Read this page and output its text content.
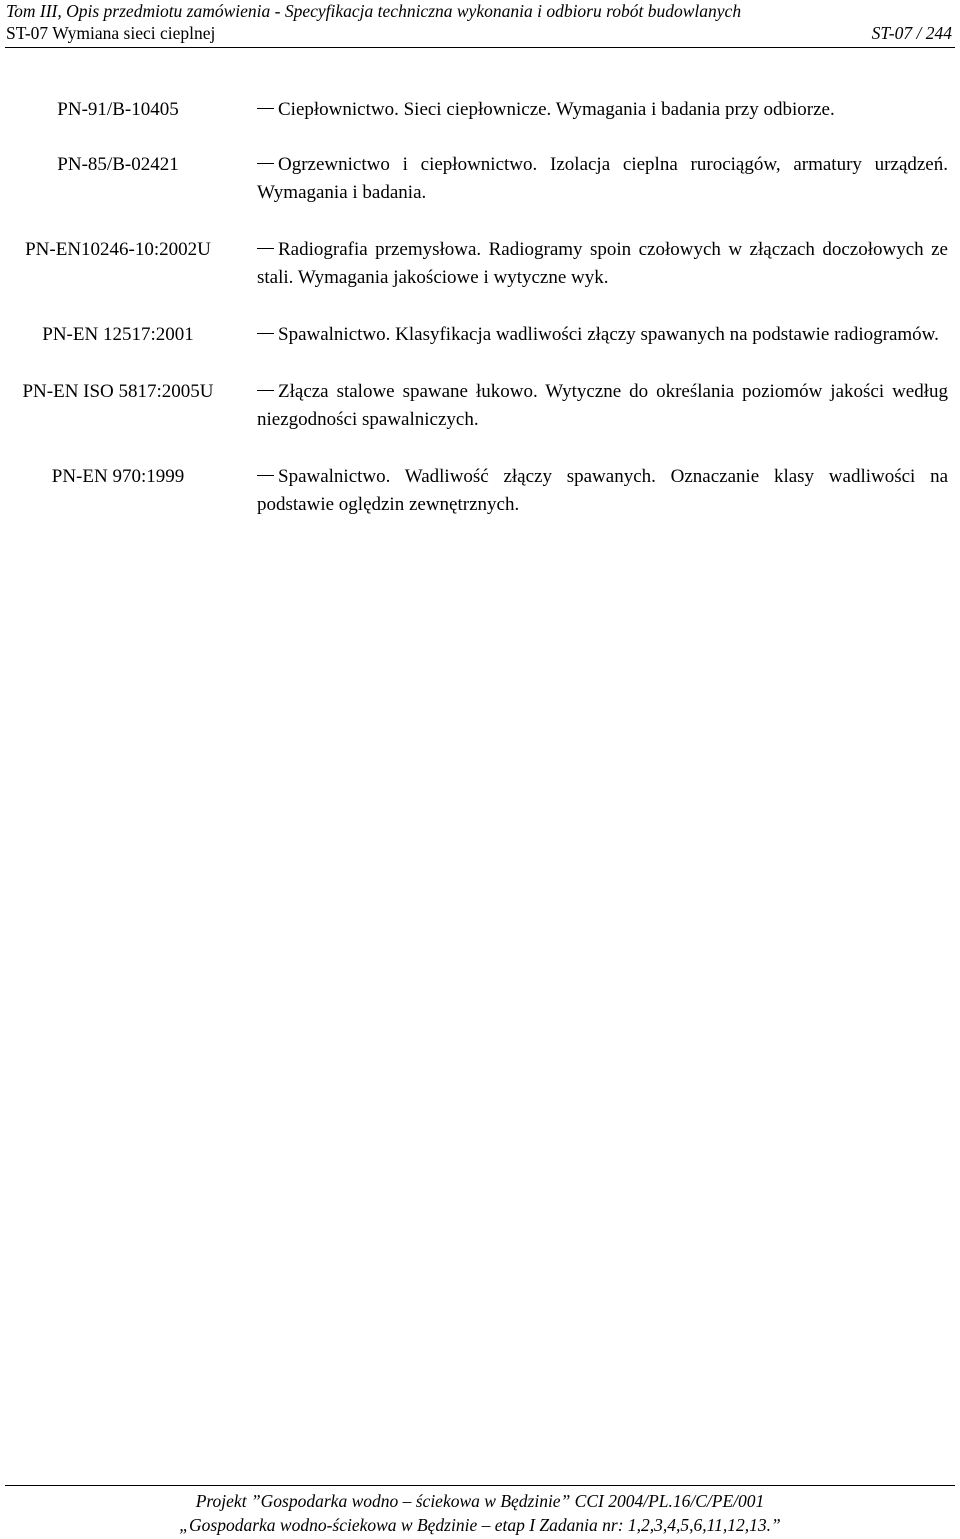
Tom III, Opis przedmiotu zamówienia - Specyfikacja techniczna wykonania i odbioru robót budowlanych
ST-07 Wymiana sieci cieplnej	ST-07 / 244
PN-91/B-10405	Ciepłownictwo. Sieci ciepłownicze. Wymagania i badania przy odbiorze.
PN-85/B-02421	Ogrzewnictwo i ciepłownictwo. Izolacja cieplna rurociągów, armatury urządzeń. Wymagania i badania.
PN-EN10246-10:2002U	Radiografia przemysłowa. Radiogramy spoin czołowych w złączach doczołowych ze stali. Wymagania jakościowe i wytyczne wyk.
PN-EN 12517:2001	Spawalnictwo. Klasyfikacja wadliwości złączy spawanych na podstawie radiogramów.
PN-EN ISO 5817:2005U	Złącza stalowe spawane łukowo. Wytyczne do określania poziomów jakości według niezgodności spawalniczych.
PN-EN 970:1999	Spawalnictwo. Wadliwość złączy spawanych. Oznaczanie klasy wadliwości na podstawie oględzin zewnętrznych.
Projekt ”Gospodarka wodno – ściekowa w Będzinie” CCI 2004/PL.16/C/PE/001
„Gospodarka wodno-ściekowa w Będzinie – etap I Zadania nr: 1,2,3,4,5,6,11,12,13.”
